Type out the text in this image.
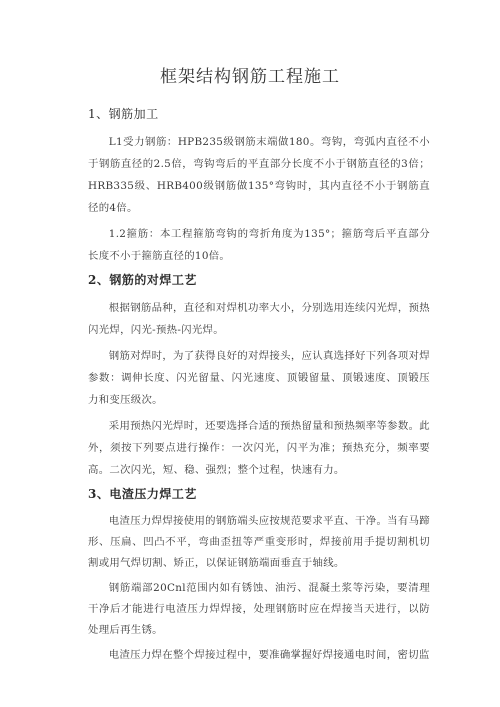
框架结构钢筋工程施工
1、钢筋加工

L1受力钢筋：HPB235级钢筋末端做180。弯钩，弯弧内直径不小于钢筋直径的2.5倍，弯钩弯后的平直部分长度不小于钢筋直径的3倍；HRB335级、HRB400级钢筋做135°弯钩时，其内直径不小于钢筋直径的4倍。

1.2箍筋：本工程箍筋弯钩的弯折角度为135°；箍筋弯后平直部分长度不小于箍筋直径的10倍。

2、钢筋的对焊工艺

根据钢筋品种，直径和对焊机功率大小，分别选用连续闪光焊，预热闪光焊，闪光-预热-闪光焊。

钢筋对焊时，为了获得良好的对焊接头，应认真选择好下列各项对焊参数：调伸长度、闪光留量、闪光速度、顶锻留量、顶锻速度、顶锻压力和变压级次。

采用预热闪光焊时，还要选择合适的预热留量和预热频率等参数。此外，须按下列要点进行操作：一次闪光，闪平为准；预热充分，频率要高。二次闪光，短、稳、强烈；整个过程，快速有力。

3、电渣压力焊工艺

电渣压力焊焊接使用的钢筋端头应按规范要求平直、干净。当有马蹄形、压扁、凹凸不平，弯曲歪扭等严重变形时，焊接前用手提切割机切割或用气焊切割、矫正，以保证钢筋端面垂直于轴线。

钢筋端部20Cnl范围内如有锈蚀、油污、混凝土浆等污染，要清理干净后才能进行电渣压力焊焊接，处理钢筋时应在焊接当天进行，以防处理后再生锈。

电渣压力焊在整个焊接过程中，要准确掌握好焊接通电时间，密切监
